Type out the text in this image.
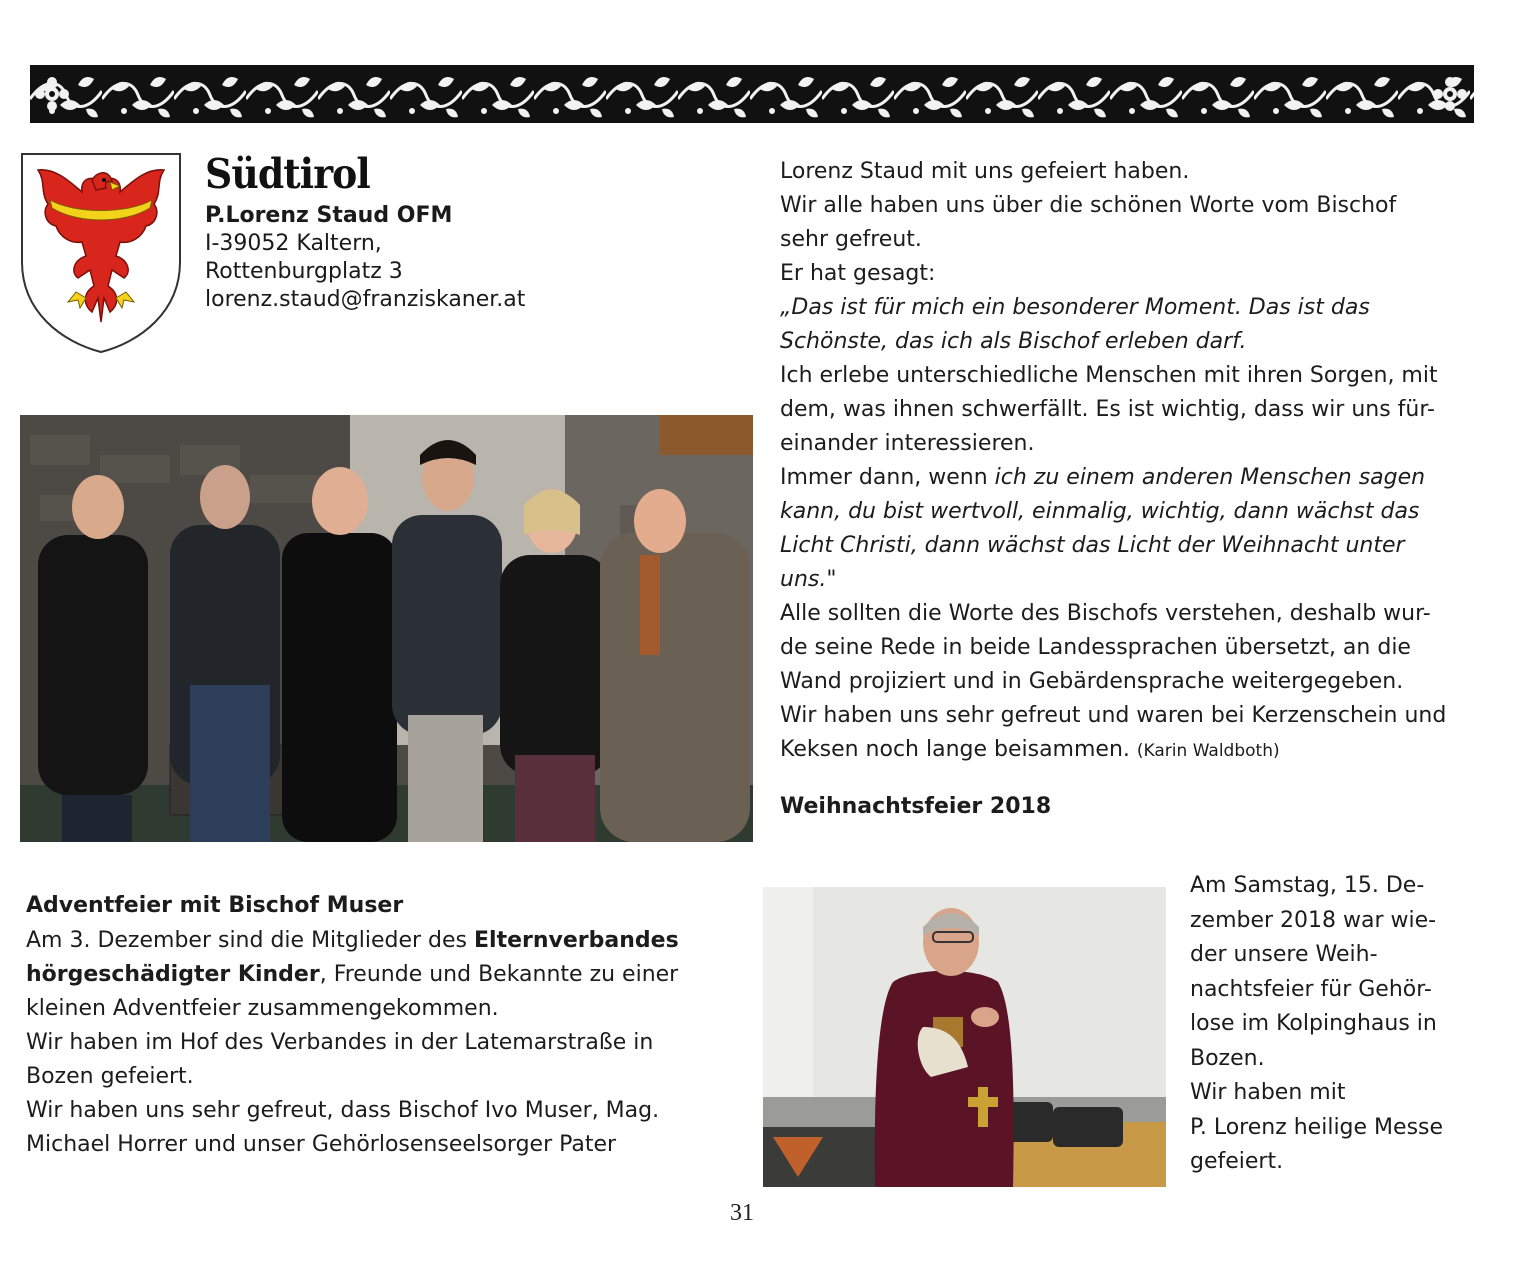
Südtirol
P.Lorenz Staud OFM
I-39052 Kaltern,
Rottenburgplatz 3
lorenz.staud@franziskaner.at

Lorenz Staud mit uns gefeiert haben.

Wir alle haben uns über die schönen Worte vom Bischof

sehr gefreut.

Er hat gesagt:

„Das ist für mich ein besonderer Moment. Das ist das

Schönste, das ich als Bischof erleben darf.

Ich erlebe unterschiedliche Menschen mit ihren Sorgen, mit

dem, was ihnen schwerfällt. Es ist wichtig, dass wir uns für-

einander interessieren.

Immer dann, wenn ich zu einem anderen Menschen sagen

kann, du bist wertvoll, einmalig, wichtig, dann wächst das

Licht Christi, dann wächst das Licht der Weihnacht unter

uns."

Alle sollten die Worte des Bischofs verstehen, deshalb wur-

de seine Rede in beide Landessprachen übersetzt, an die

Wand projiziert und in Gebärdensprache weitergegeben.

Wir haben uns sehr gefreut und waren bei Kerzenschein und

Keksen noch lange beisammen. (Karin Waldboth)

Weihnachtsfeier 2018

Adventfeier mit Bischof Muser

Am 3. Dezember sind die Mitglieder des Elternverbandes

hörgeschädigter Kinder, Freunde und Bekannte zu einer

kleinen Adventfeier zusammengekommen.

Wir haben im Hof des Verbandes in der Latemarstraße in

Bozen gefeiert.

Wir haben uns sehr gefreut, dass Bischof Ivo Muser, Mag.

Michael Horrer und unser Gehörlosenseelsorger Pater

Am Samstag, 15. De-

zember 2018 war wie-

der unsere Weih-

nachtsfeier für Gehör-

lose im Kolpinghaus in

Bozen.

Wir haben mit

P. Lorenz heilige Messe

gefeiert.

31
